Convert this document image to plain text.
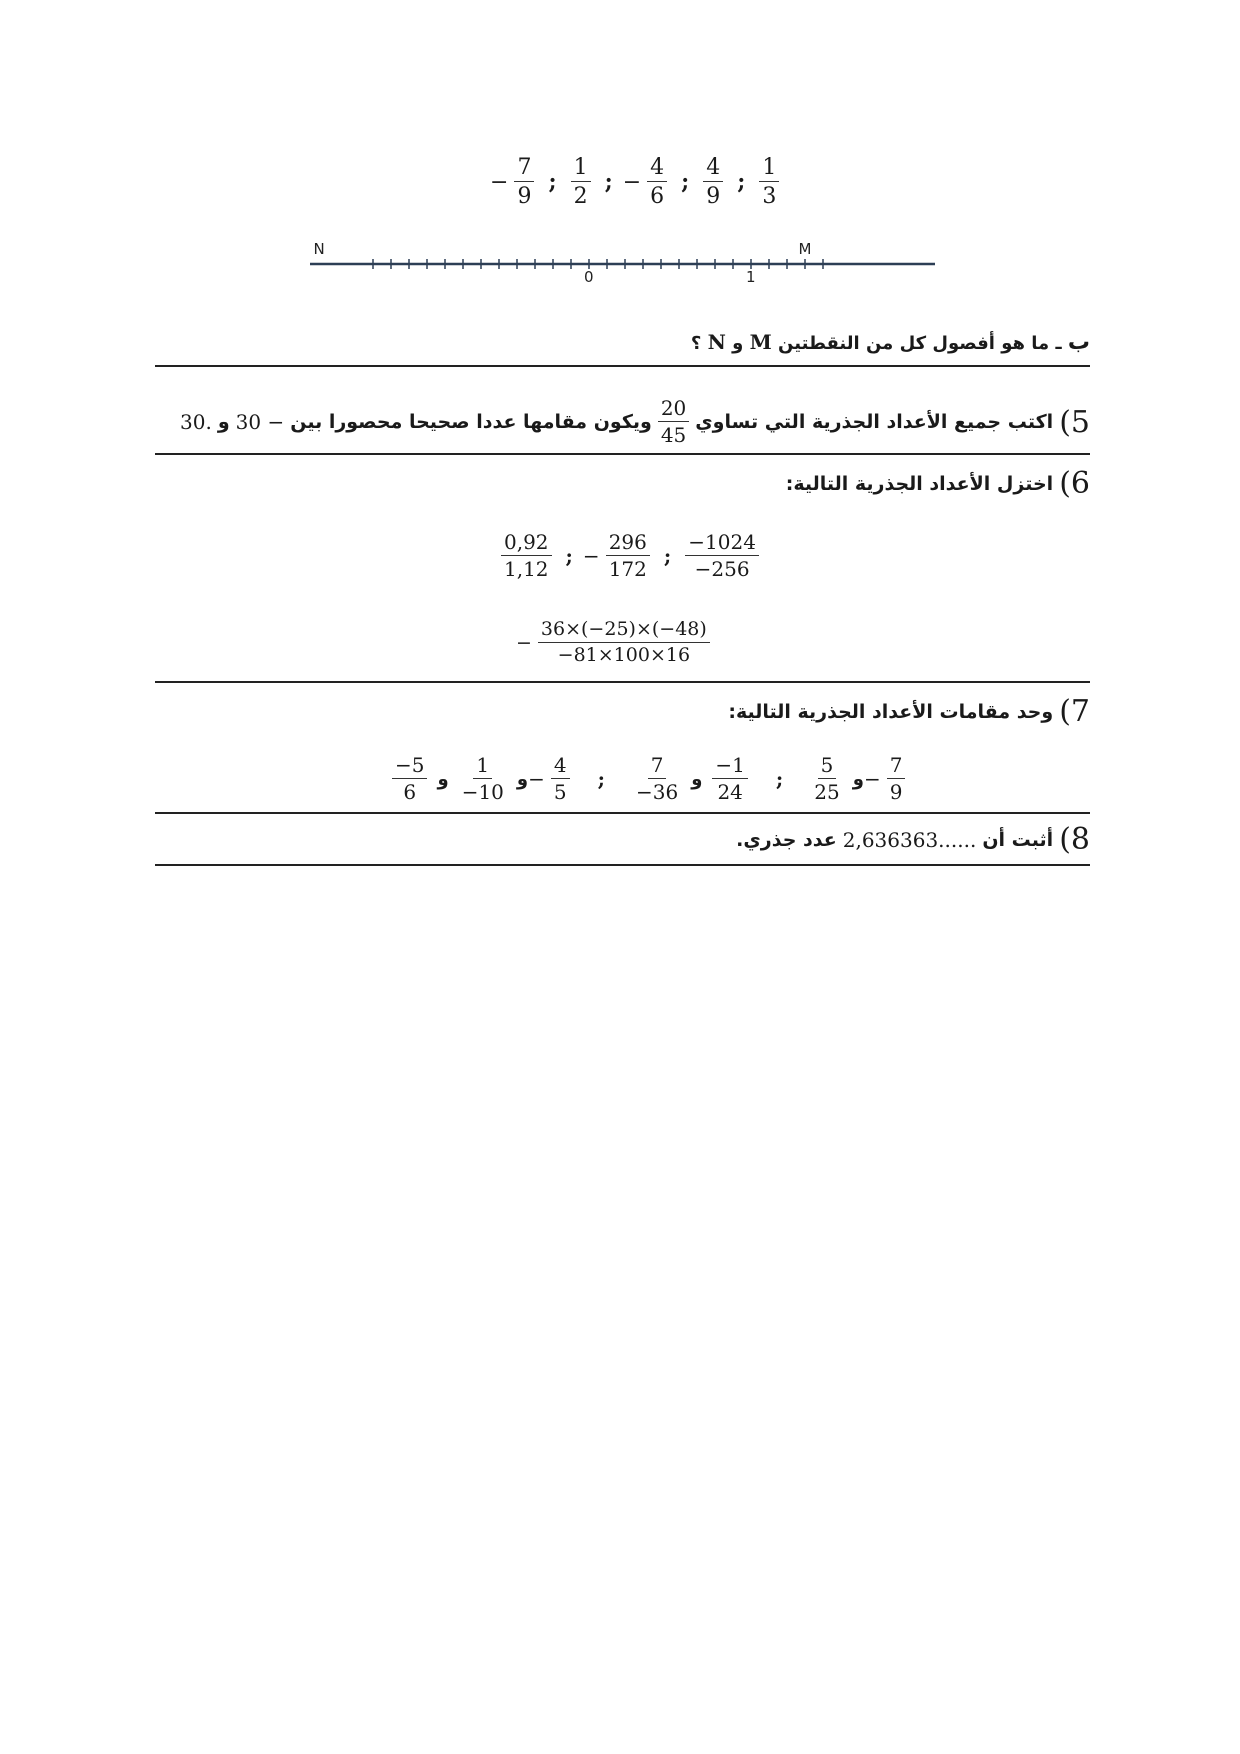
− $\frac{7}{9}$ ; $\frac{1}{2}$ ; − $\frac{4}{6}$ ; $\frac{4}{9}$ ; $\frac{1}{3}$
N	M
0	1
ب ـ ما هو أفصول كل من النقطتين M و N ؟
5)
اكتب جميع الأعداد الجذرية التي تساوي
$\frac{20}{45}$
ويكون مقامها عددا صحيحا محصورا بين
30 −
و
30.
6)
اختزل الأعداد الجذرية التالية:
$\frac{0,92}{1,12}$ ; − $\frac{296}{172}$ ; $\frac{-1024}{-256}$
− $\frac{36\times(-25)\times(-48)}{-81\times 100\times 16}$
7)
وحد مقامات الأعداد الجذرية التالية:
$\frac{-5}{6}$ و $\frac{1}{-10}$ و − $\frac{4}{5}$ ; $\frac{7}{-36}$ و $\frac{-1}{24}$ ; $\frac{5}{25}$ و − $\frac{7}{9}$
8)
أثبت أن
2,636363......
عدد جذري.
